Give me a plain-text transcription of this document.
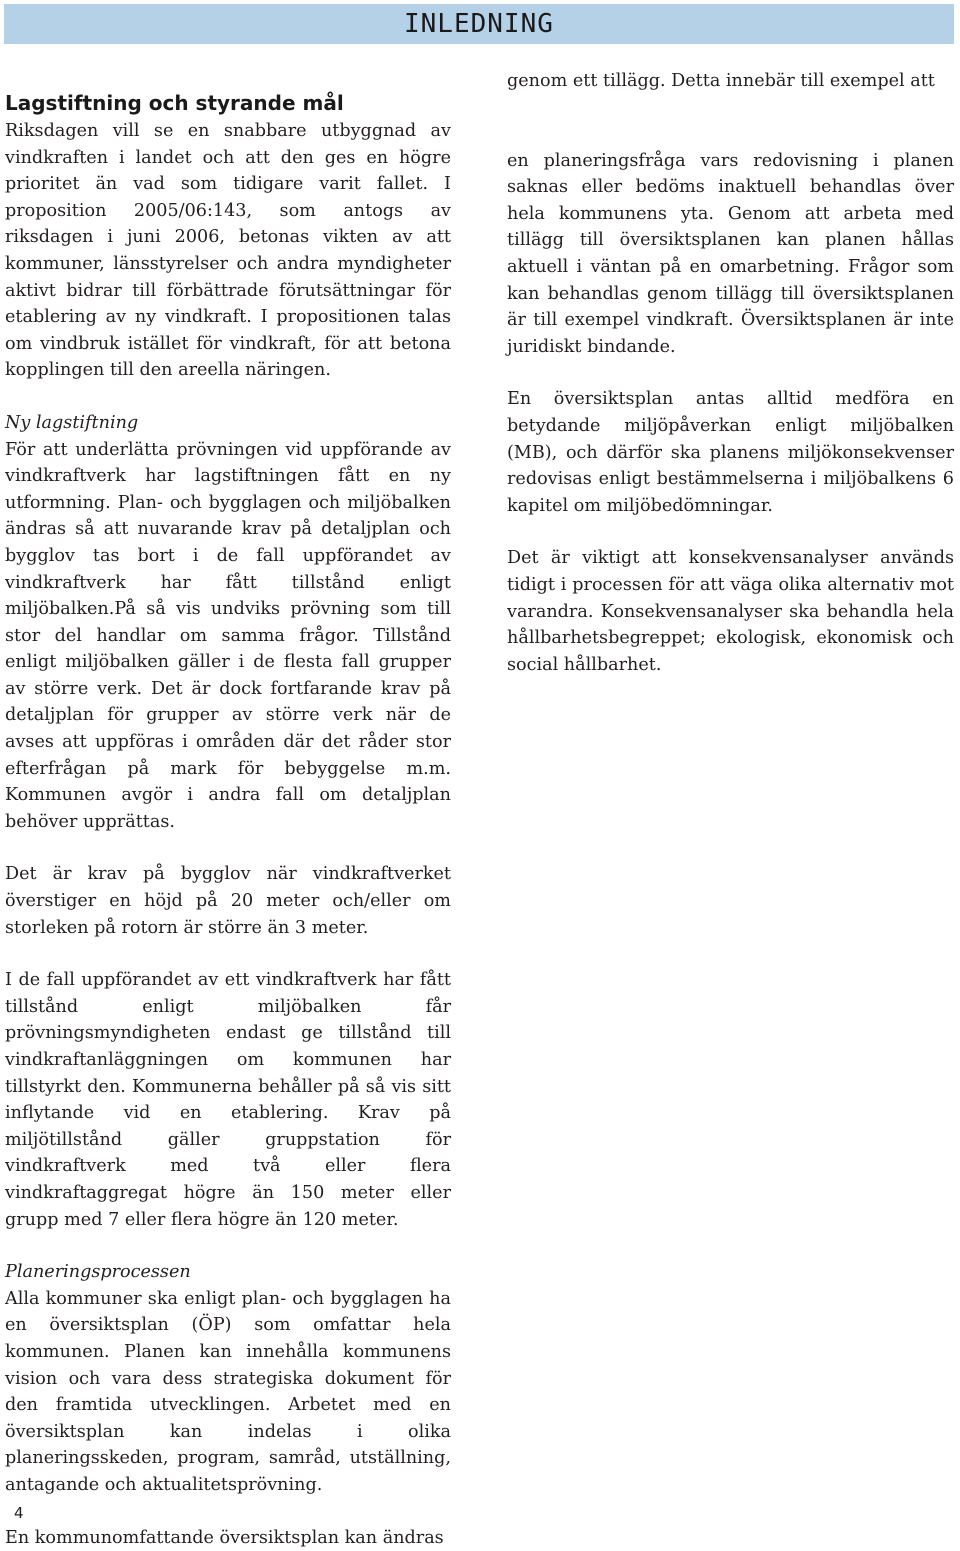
INLEDNING
Lagstiftning och styrande mål

Riksdagen vill se en snabbare utbyggnad av vindkraften i landet och att den ges en högre prioritet än vad som tidigare varit fallet. I proposition 2005/06:143, som antogs av riksdagen i juni 2006, betonas vikten av att kommuner, länsstyrelser och andra myndigheter aktivt bidrar till förbättrade förutsättningar för etablering av ny vindkraft. I propositionen talas om vindbruk istället för vindkraft, för att betona kopplingen till den areella näringen.

Ny lagstiftning

För att underlätta prövningen vid uppförande av vindkraftverk har lagstiftningen fått en ny utformning. Plan- och bygglagen och miljöbalken ändras så att nuvarande krav på detaljplan och bygglov tas bort i de fall uppförandet av vindkraftverk har fått tillstånd enligt miljöbalken.På så vis undviks prövning som till stor del handlar om samma frågor. Tillstånd enligt miljöbalken gäller i de flesta fall grupper av större verk. Det är dock fortfarande krav på detaljplan för grupper av större verk när de avses att uppföras i områden där det råder stor efterfrågan på mark för bebyggelse m.m. Kommunen avgör i andra fall om detaljplan behöver upprättas.

Det är krav på bygglov när vindkraftverket överstiger en höjd på 20 meter och/eller om storleken på rotorn är större än 3 meter.

I de fall uppförandet av ett vindkraftverk har fått tillstånd enligt miljöbalken får prövningsmyndigheten endast ge tillstånd till vindkraftanläggningen om kommunen har tillstyrkt den. Kommunerna behåller på så vis sitt inflytande vid en etablering. Krav på miljötillstånd gäller gruppstation för vindkraftverk med två eller flera vindkraftaggregat högre än 150 meter eller grupp med 7 eller flera högre än 120 meter.

Planeringsprocessen

Alla kommuner ska enligt plan- och bygglagen ha en översiktsplan (ÖP) som omfattar hela kommunen. Planen kan innehålla kommunens vision och vara dess strategiska dokument för den framtida utvecklingen. Arbetet med en översiktsplan kan indelas i olika planeringsskeden, program, samråd, utställning, antagande och aktualitetsprövning.

En kommunomfattande översiktsplan kan ändras

genom ett tillägg. Detta innebär till exempel att

en planeringsfråga vars redovisning i planen saknas eller bedöms inaktuell behandlas över hela kommunens yta. Genom att arbeta med tillägg till översiktsplanen kan planen hållas aktuell i väntan på en omarbetning. Frågor som kan behandlas genom tillägg till översiktsplanen är till exempel vindkraft. Översiktsplanen är inte juridiskt bindande.

En översiktsplan antas alltid medföra en betydande miljöpåverkan enligt miljöbalken (MB), och därför ska planens miljökonsekvenser redovisas enligt bestämmelserna i miljöbalkens 6 kapitel om miljöbedömningar.

Det är viktigt att konsekvensanalyser används tidigt i processen för att väga olika alternativ mot varandra. Konsekvensanalyser ska behandla hela hållbarhetsbegreppet; ekologisk, ekonomisk och social hållbarhet.

4
